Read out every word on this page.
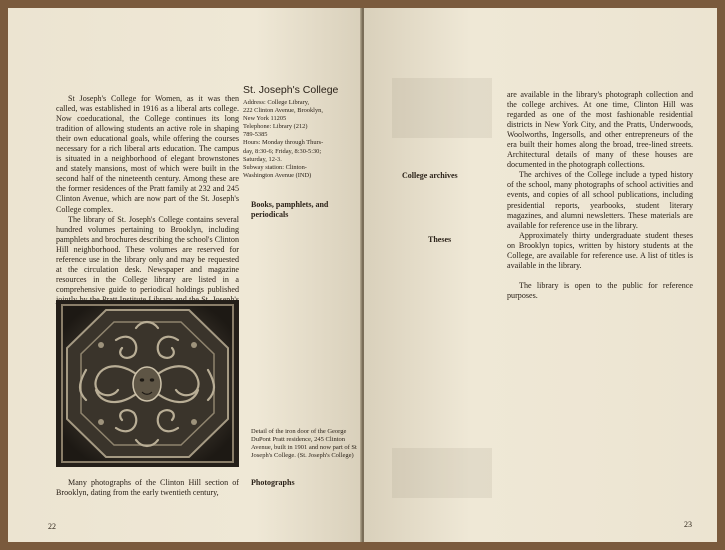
St Joseph's College for Women, as it was then called, was established in 1916 as a liberal arts college. Now coeducational, the College continues its long tradition of allowing students an active role in shaping their own educational goals, while offering the courses necessary for a rich liberal arts education. The campus is situated in a neighborhood of elegant brownstones and stately mansions, most of which were built in the second half of the nineteenth century. Among these are the former residences of the Pratt family at 232 and 245 Clinton Avenue, which are now part of the St. Joseph's College complex.

The library of St. Joseph's College contains several hundred volumes pertaining to Brooklyn, including pamphlets and brochures describing the school's Clinton Hill neighborhood. These volumes are reserved for reference use in the library only and may be requested at the circulation desk. Newspaper and magazine resources in the College library are listed in a comprehensive guide to periodical holdings published

St. Joseph's College
Address: College Library,
222 Clinton Avenue, Brooklyn,
New York 11205
Telephone: Library (212)
789-5385
Hours: Monday through Thurs-
day, 8:30-6; Friday, 8:30-5:30;
Saturday, 12-3.
Subway station: Clinton-
Washington Avenue (IND)
Books, pamphlets, and periodicals
Detail of the iron door of the George DuPont Pratt residence, 245 Clinton Avenue, built in 1901 and now part of St Joseph's College. (St. Joseph's College)

Many photographs of the Clinton Hill section of Brooklyn, dating from the early twentieth century,

Photographs
22

are available in the library's photograph collection and the college archives. At one time, Clinton Hill was regarded as one of the most fashionable residential districts in New York City, and the Pratts, Underwoods, Woolworths, Ingersolls, and other entrepreneurs of the era built their homes along the broad, tree-lined streets. Architectural details of many of these houses are documented in the photograph collections.

The archives of the College include a typed history of the school, many photographs of school activities and events, and copies of all school publications, including presidential reports, yearbooks, student literary magazines, and alumni newsletters. These materials are available for reference use in the library.

Approximately thirty undergraduate student theses on Brooklyn topics, written by history students at the College, are available for reference use. A list of titles is available in the library.

The library is open to the public for reference purposes.

College archives
Theses
23
